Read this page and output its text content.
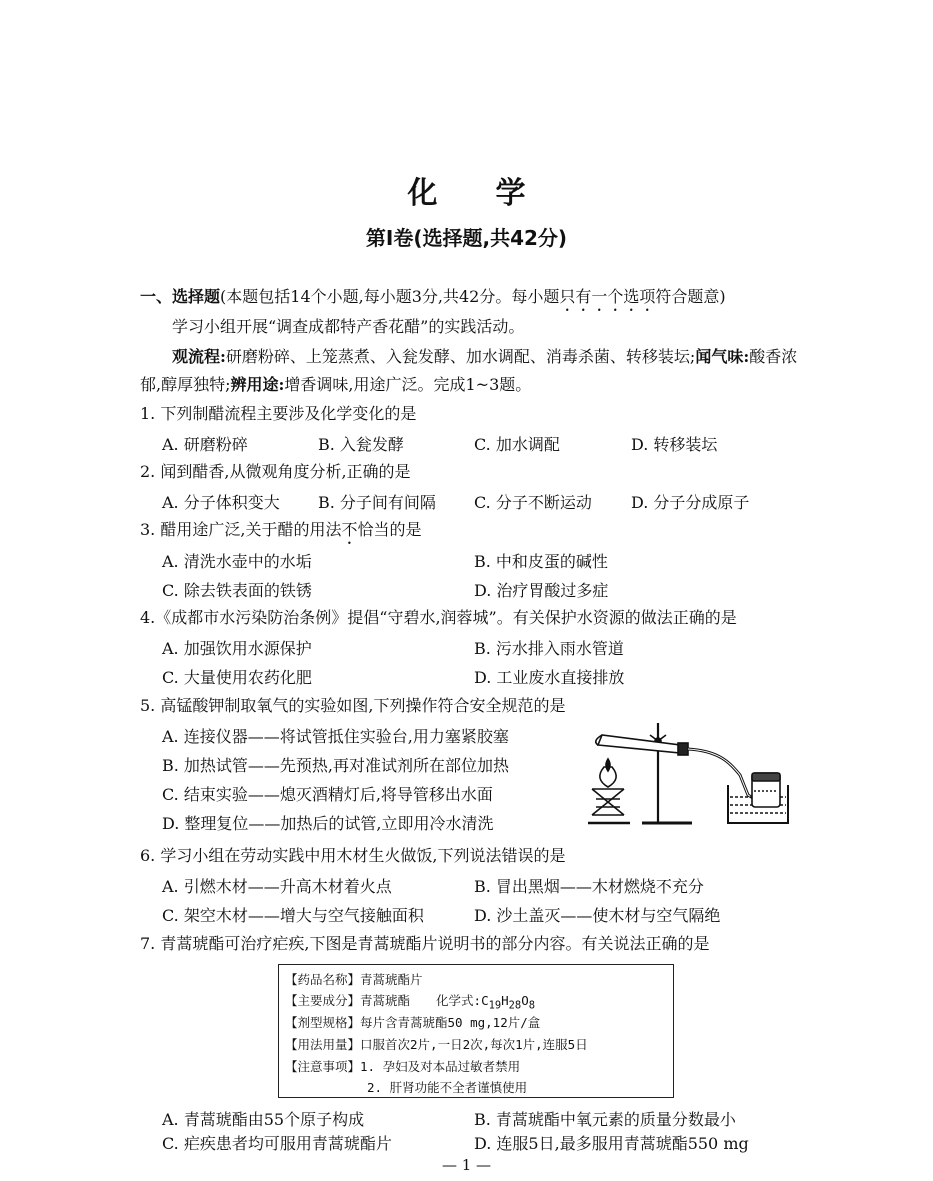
化 学
第Ⅰ卷(选择题,共42分)
一、选择题(本题包括14个小题,每小题3分,共42分。每小题只有一个选项符合题意)
学习小组开展“调查成都特产香花醋”的实践活动。
观流程:研磨粉碎、上笼蒸煮、入瓮发酵、加水调配、消毒杀菌、转移装坛;闻气味:酸香浓
郁,醇厚独特;辨用途:增香调味,用途广泛。完成1~3题。
1. 下列制醋流程主要涉及化学变化的是
A. 研磨粉碎	B. 入瓮发酵	C. 加水调配	D. 转移装坛
2. 闻到醋香,从微观角度分析,正确的是
A. 分子体积变大 B. 分子间有间隔 C. 分子不断运动 D. 分子分成原子
3. 醋用途广泛,关于醋的用法不恰当的是
A. 清洗水壶中的水垢	B. 中和皮蛋的碱性
C. 除去铁表面的铁锈	D. 治疗胃酸过多症
4.《成都市水污染防治条例》提倡“守碧水,润蓉城”。有关保护水资源的做法正确的是
A. 加强饮用水源保护	B. 污水排入雨水管道
C. 大量使用农药化肥	D. 工业废水直接排放
5. 高锰酸钾制取氧气的实验如图,下列操作符合安全规范的是
A. 连接仪器——将试管抵住实验台,用力塞紧胶塞
B. 加热试管——先预热,再对准试剂所在部位加热
C. 结束实验——熄灭酒精灯后,将导管移出水面
D. 整理复位——加热后的试管,立即用冷水清洗
6. 学习小组在劳动实践中用木材生火做饭,下列说法错误的是
A. 引燃木材——升高木材着火点	B. 冒出黑烟——木材燃烧不充分
C. 架空木材——增大与空气接触面积	D. 沙土盖灭——使木材与空气隔绝
7. 青蒿琥酯可治疗疟疾,下图是青蒿琥酯片说明书的部分内容。有关说法正确的是
【药品名称】青蒿琥酯片
【主要成分】青蒿琥酯 化学式$:C_{19}H_{28}O_8$
【剂型规格】每片含青蒿琥酯50 mg,12片/盒
【用法用量】口服首次2片,一日2次,每次1片,连服5日
【注意事项】1. 孕妇及对本品过敏者禁用
2. 肝肾功能不全者谨慎使用
A. 青蒿琥酯由55个原子构成	B. 青蒿琥酯中氧元素的质量分数最小
C. 疟疾患者均可服用青蒿琥酯片	D. 连服5日,最多服用青蒿琥酯550 mg
— 1 —
